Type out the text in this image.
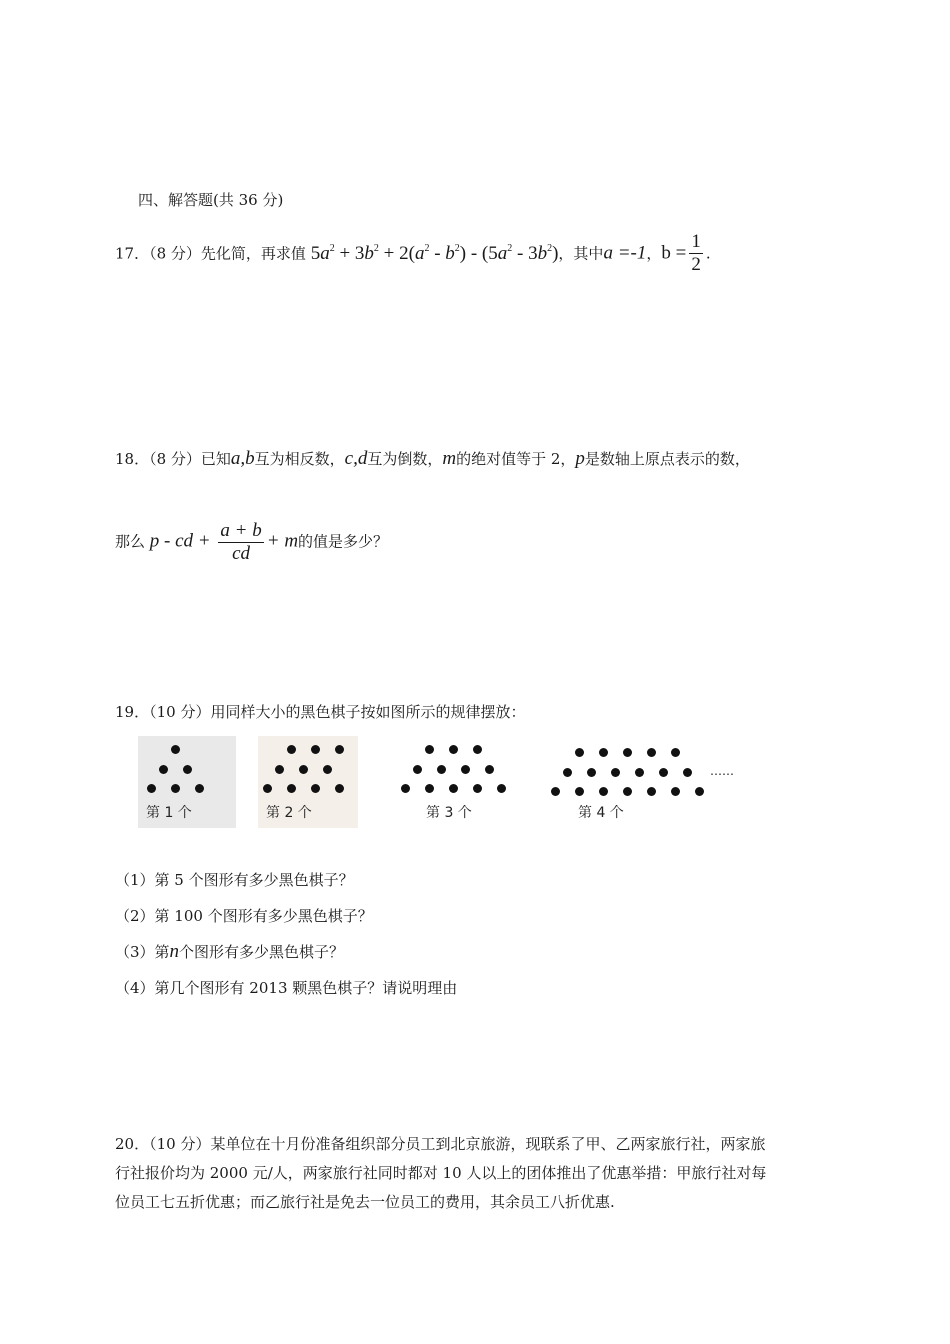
四、解答题(共 36 分)
17．（8 分）先化简，再求值 $5a^2 + 3b^2 + 2(a^2 - b^2) - (5a^2 - 3b^2)$，其中a =-1，$b = \frac{1}{2}$ .
18．（8 分）已知a,b互为相反数，c,d互为倒数，m的绝对值等于 2，p是数轴上原点表示的数，
那么 p - cd + $\frac{a + b}{cd} + m$的值是多少？
19．（10 分）用同样大小的黑色棋子按如图所示的规律摆放：
第 1 个	第 2 个	第 3 个	第 4 个
……
（1）第 5 个图形有多少黑色棋子？
（2）第 100 个图形有多少黑色棋子？
（3）第n个图形有多少黑色棋子？
（4）第几个图形有 2013 颗黑色棋子？请说明理由
20．（10 分）某单位在十月份准备组织部分员工到北京旅游，现联系了甲、乙两家旅行社，两家旅
行社报价均为 2000 元/人，两家旅行社同时都对 10 人以上的团体推出了优惠举措：甲旅行社对每
位员工七五折优惠；而乙旅行社是免去一位员工的费用，其余员工八折优惠.
